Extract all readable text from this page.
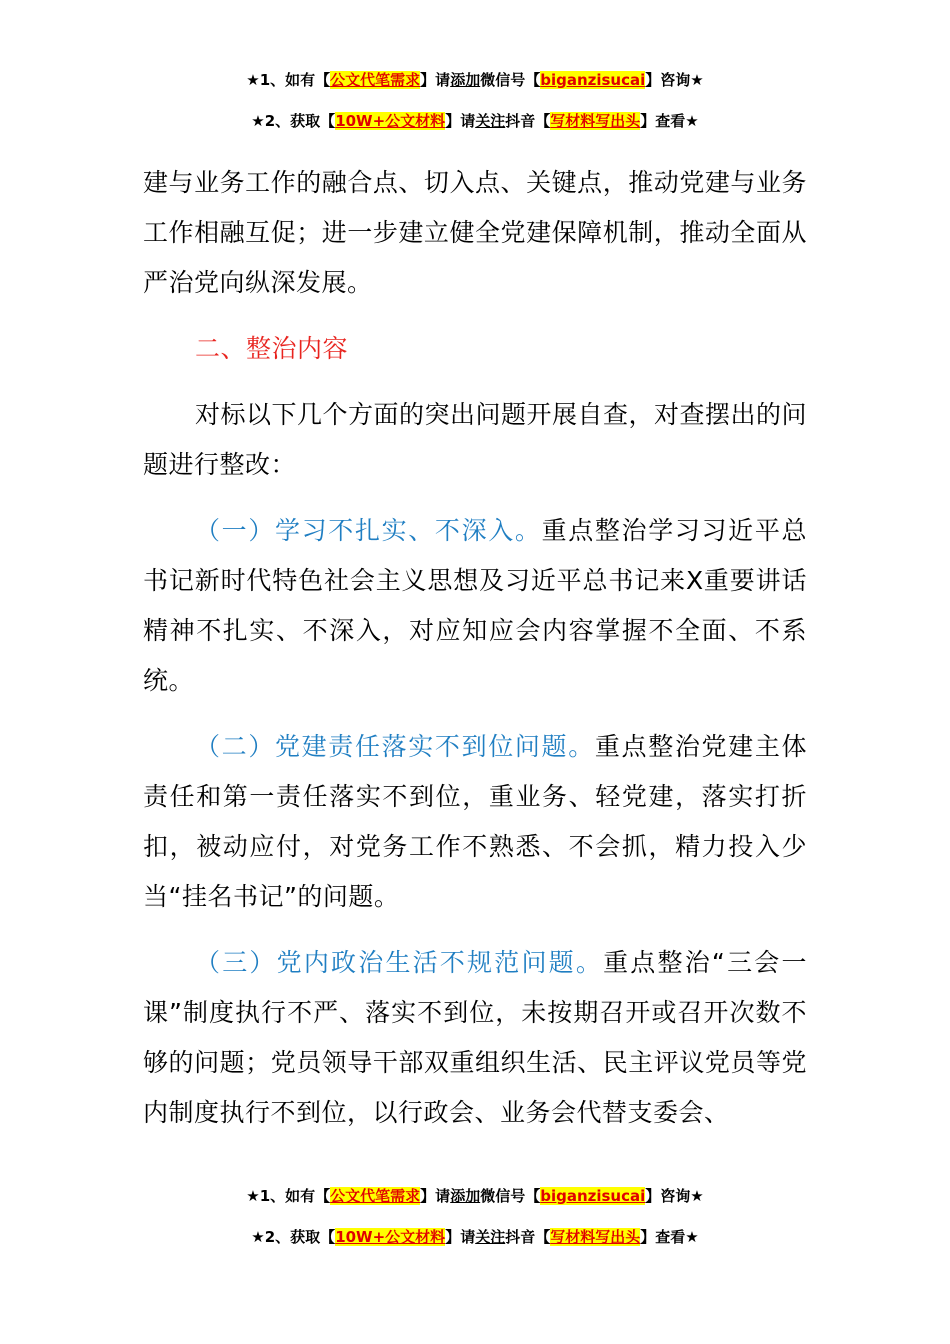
★1、如有【公文代笔需求】请添加微信号【biganzisucai】咨询★
★2、获取【10W+公文材料】请关注抖音【写材料写出头】查看★

建与业务工作的融合点、切入点、关键点，推动党建与业务工作相融互促；进一步建立健全党建保障机制，推动全面从严治党向纵深发展。

二、整治内容

对标以下几个方面的突出问题开展自查，对查摆出的问题进行整改：

（一）学习不扎实、不深入。重点整治学习习近平总书记新时代特色社会主义思想及习近平总书记来X重要讲话精神不扎实、不深入，对应知应会内容掌握不全面、不系统。

（二）党建责任落实不到位问题。重点整治党建主体责任和第一责任落实不到位，重业务、轻党建，落实打折扣，被动应付，对党务工作不熟悉、不会抓，精力投入少当“挂名书记”的问题。

（三）党内政治生活不规范问题。重点整治“三会一课”制度执行不严、落实不到位，未按期召开或召开次数不够的问题；党员领导干部双重组织生活、民主评议党员等党内制度执行不到位，以行政会、业务会代替支委会、

★1、如有【公文代笔需求】请添加微信号【biganzisucai】咨询★
★2、获取【10W+公文材料】请关注抖音【写材料写出头】查看★
